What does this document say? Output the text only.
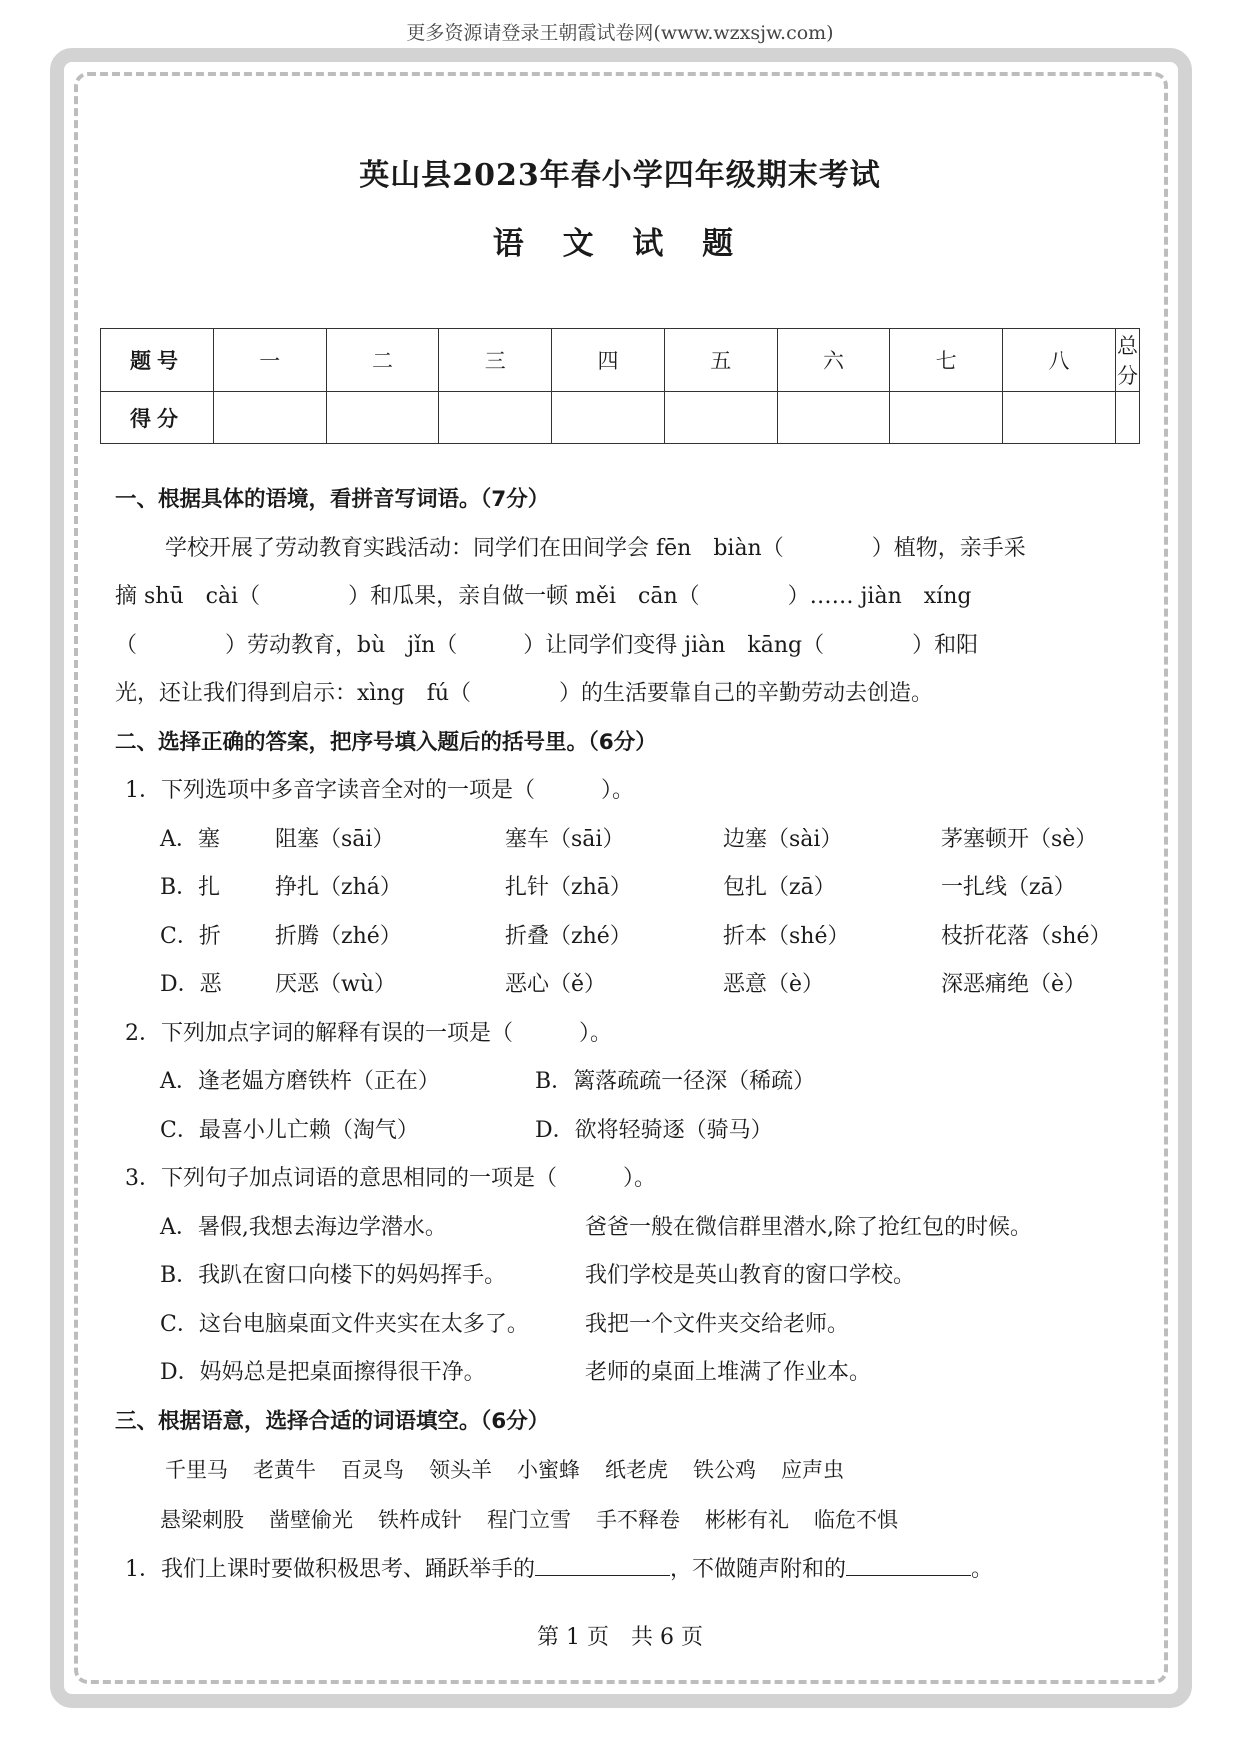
更多资源请登录王朝霞试卷网(www.wzxsjw.com)
英山县2023年春小学四年级期末考试
语 文 试 题
题号	一	二	三	四	五	六	七	八	总分
得分									
一、根据具体的语境，看拼音写词语。（7分）
学校开展了劳动教育实践活动：同学们在田间学会 fēn　biàn（　　　　）植物，亲手采
摘 shū　cài（　　　　）和瓜果，亲自做一顿 měi　cān（　　　　）…… jiàn　xíng
（　　　　）劳动教育，bù　jǐn（　　　）让同学们变得 jiàn　kāng（　　　　）和阳
光，还让我们得到启示：xìng　fú（　　　　）的生活要靠自己的辛勤劳动去创造。
二、选择正确的答案，把序号填入题后的括号里。（6分）
1．下列选项中多音字读音全对的一项是（　　　）。
A．塞	阻塞（sāi）	塞车（sāi）	边塞（sài）	茅塞顿开（sè）
B．扎	挣扎（zhá）	扎针（zhā）	包扎（zā）	一扎线（zā）
C．折	折腾（zhé）	折叠（zhé）	折本（shé）	枝折花落（shé）
D．恶	厌恶（wù）	恶心（ě）	恶意（è）	深恶痛绝（è）
2．下列加点字词的解释有误的一项是（　　　）。
A．逢老媪方磨铁杵（正在）	B．篱落疏疏一径深（稀疏）
C．最喜小儿亡赖（淘气）	D．欲将轻骑逐（骑马）
3．下列句子加点词语的意思相同的一项是（　　　）。
A．暑假,我想去海边学潜水。	爸爸一般在微信群里潜水,除了抢红包的时候。
B．我趴在窗口向楼下的妈妈挥手。	我们学校是英山教育的窗口学校。
C．这台电脑桌面文件夹实在太多了。	我把一个文件夹交给老师。
D．妈妈总是把桌面擦得很干净。	老师的桌面上堆满了作业本。
三、根据语意，选择合适的词语填空。（6分）
千里马 老黄牛 百灵鸟 领头羊 小蜜蜂 纸老虎 铁公鸡 应声虫
悬梁刺股 凿壁偷光 铁杵成针 程门立雪 手不释卷 彬彬有礼 临危不惧
1．我们上课时要做积极思考、踊跃举手的	，不做随声附和的	。
第 1 页　共 6 页
